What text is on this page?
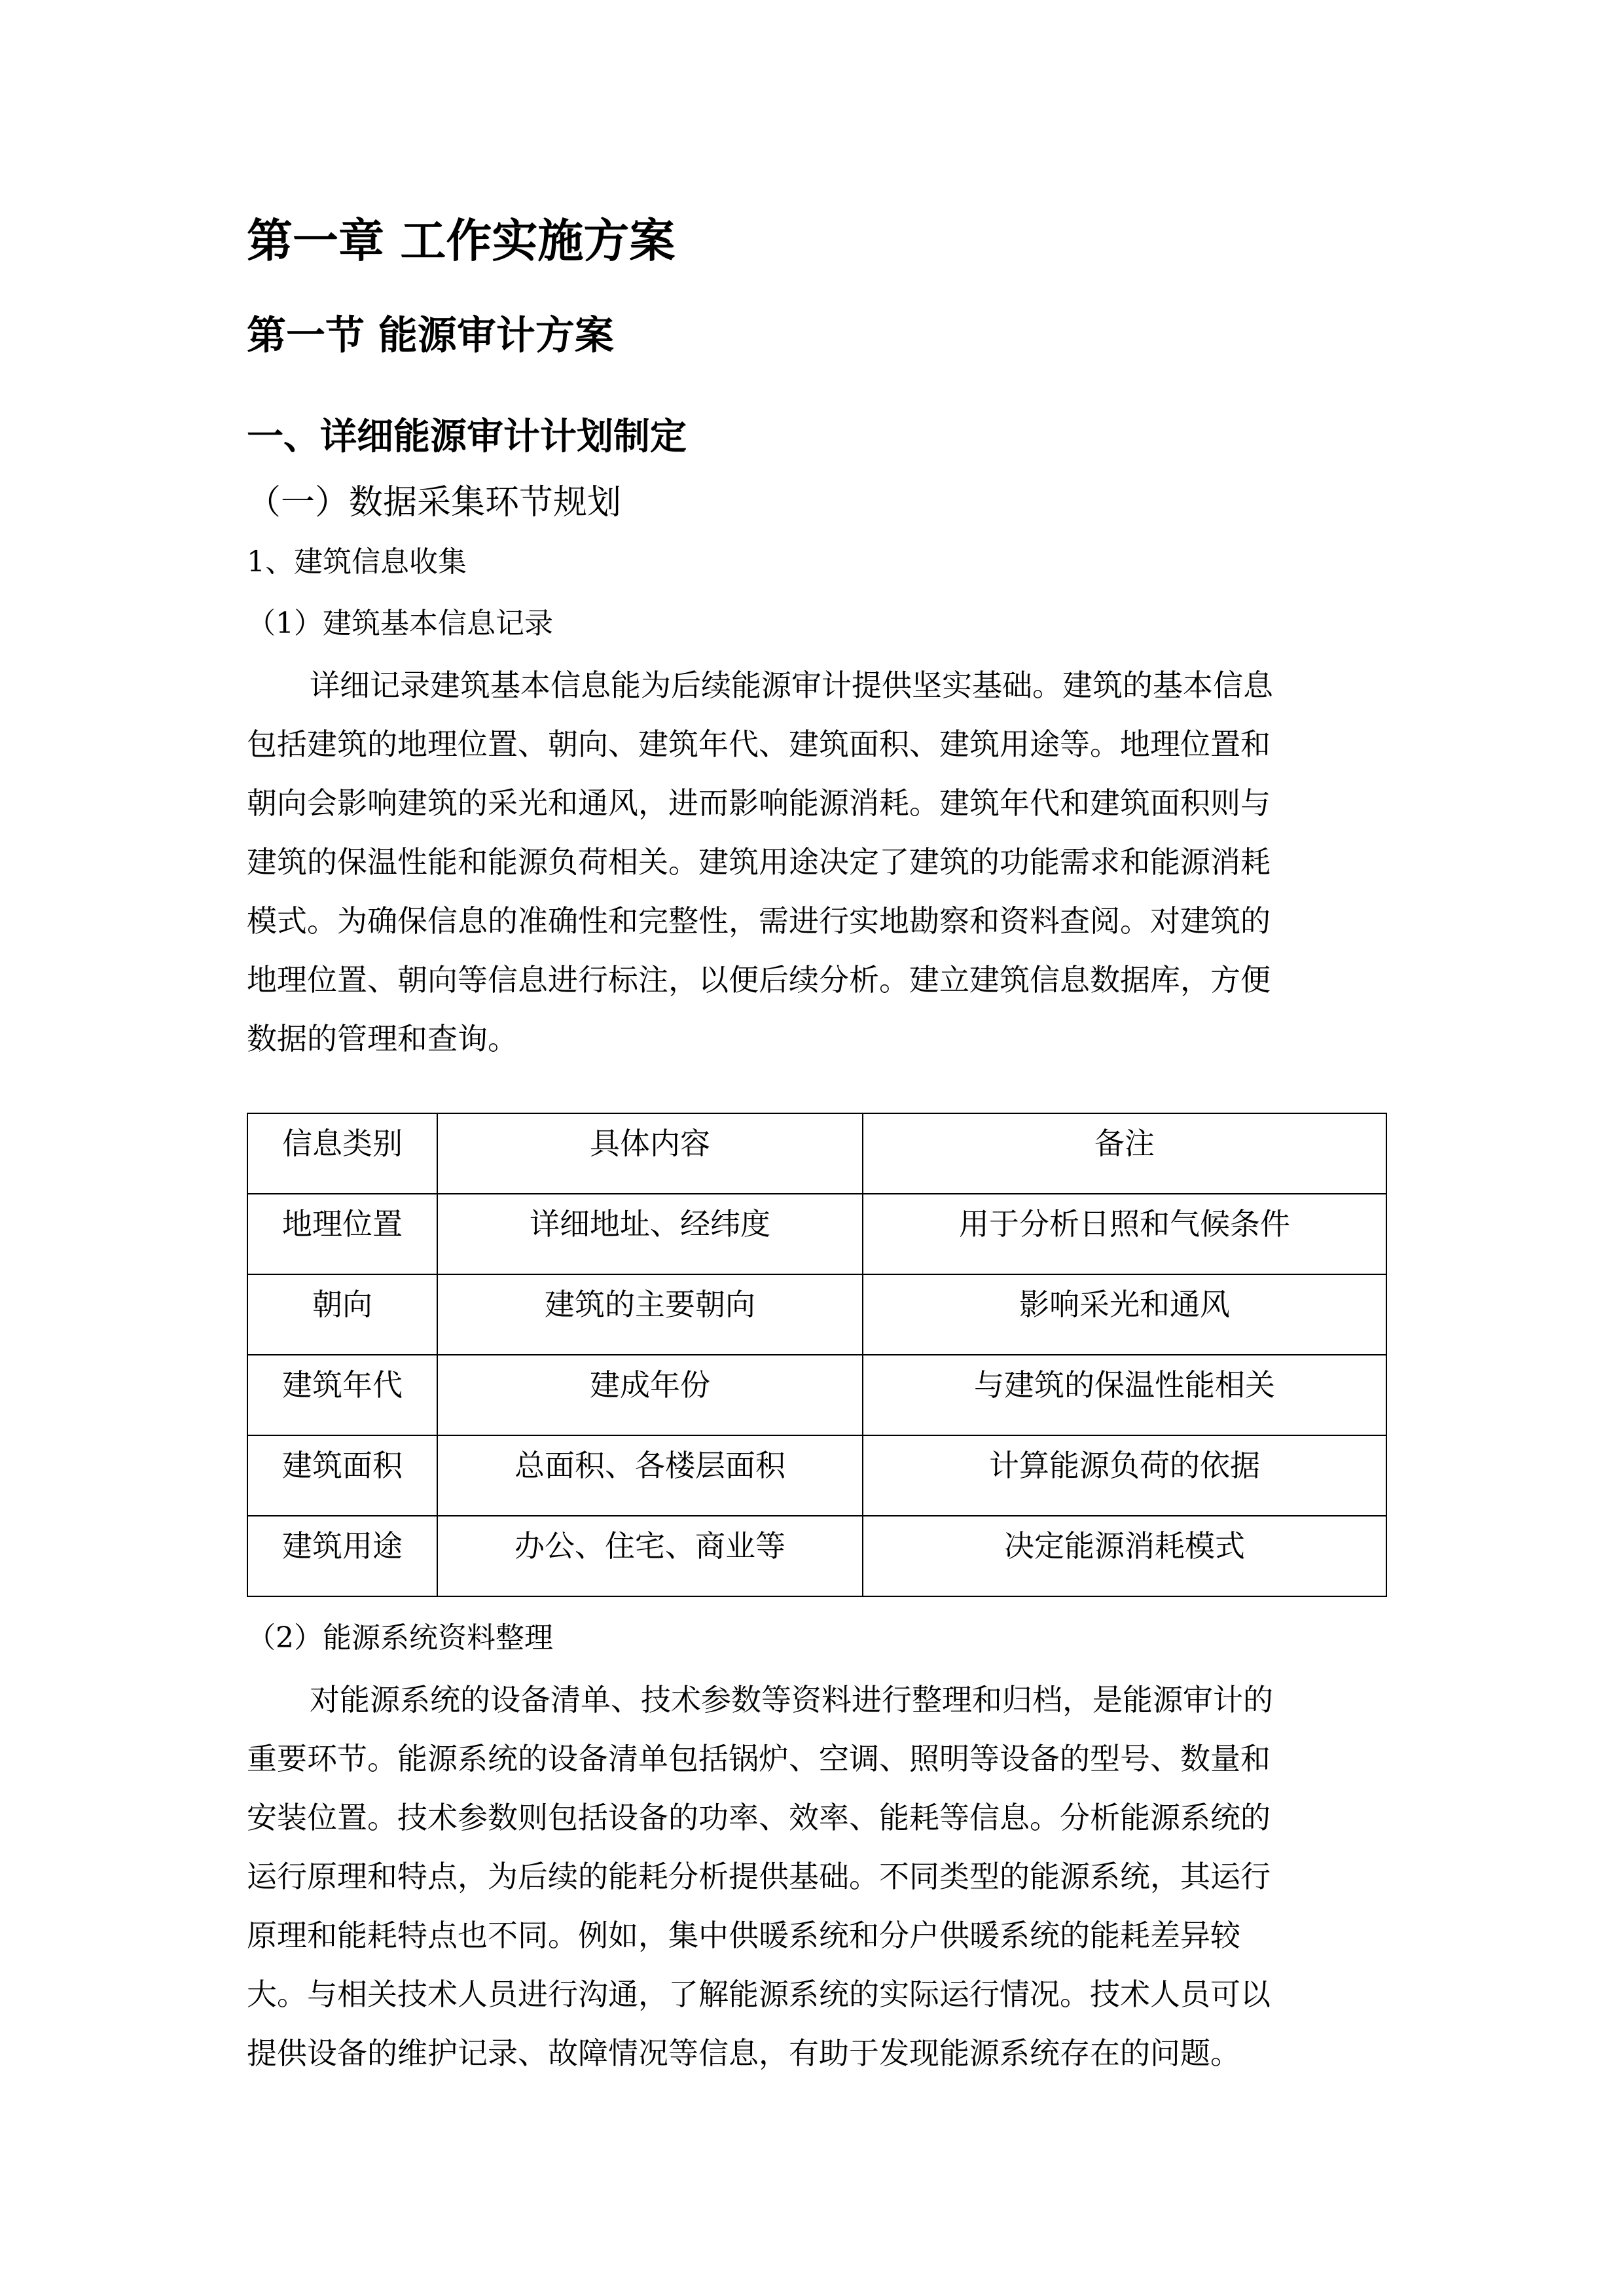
第一章 工作实施方案
第一节 能源审计方案
一、详细能源审计计划制定
（一）数据采集环节规划

1、建筑信息收集

（1）建筑基本信息记录

详细记录建筑基本信息能为后续能源审计提供坚实基础。建筑的基本信息
包括建筑的地理位置、朝向、建筑年代、建筑面积、建筑用途等。地理位置和
朝向会影响建筑的采光和通风，进而影响能源消耗。建筑年代和建筑面积则与
建筑的保温性能和能源负荷相关。建筑用途决定了建筑的功能需求和能源消耗
模式。为确保信息的准确性和完整性，需进行实地勘察和资料查阅。对建筑的
地理位置、朝向等信息进行标注，以便后续分析。建立建筑信息数据库，方便
数据的管理和查询。
信息类别	具体内容	备注
地理位置	详细地址、经纬度	用于分析日照和气候条件
朝向	建筑的主要朝向	影响采光和通风
建筑年代	建成年份	与建筑的保温性能相关
建筑面积	总面积、各楼层面积	计算能源负荷的依据
建筑用途	办公、住宅、商业等	决定能源消耗模式

（2）能源系统资料整理

对能源系统的设备清单、技术参数等资料进行整理和归档，是能源审计的
重要环节。能源系统的设备清单包括锅炉、空调、照明等设备的型号、数量和
安装位置。技术参数则包括设备的功率、效率、能耗等信息。分析能源系统的
运行原理和特点，为后续的能耗分析提供基础。不同类型的能源系统，其运行
原理和能耗特点也不同。例如，集中供暖系统和分户供暖系统的能耗差异较
大。与相关技术人员进行沟通，了解能源系统的实际运行情况。技术人员可以
提供设备的维护记录、故障情况等信息，有助于发现能源系统存在的问题。
